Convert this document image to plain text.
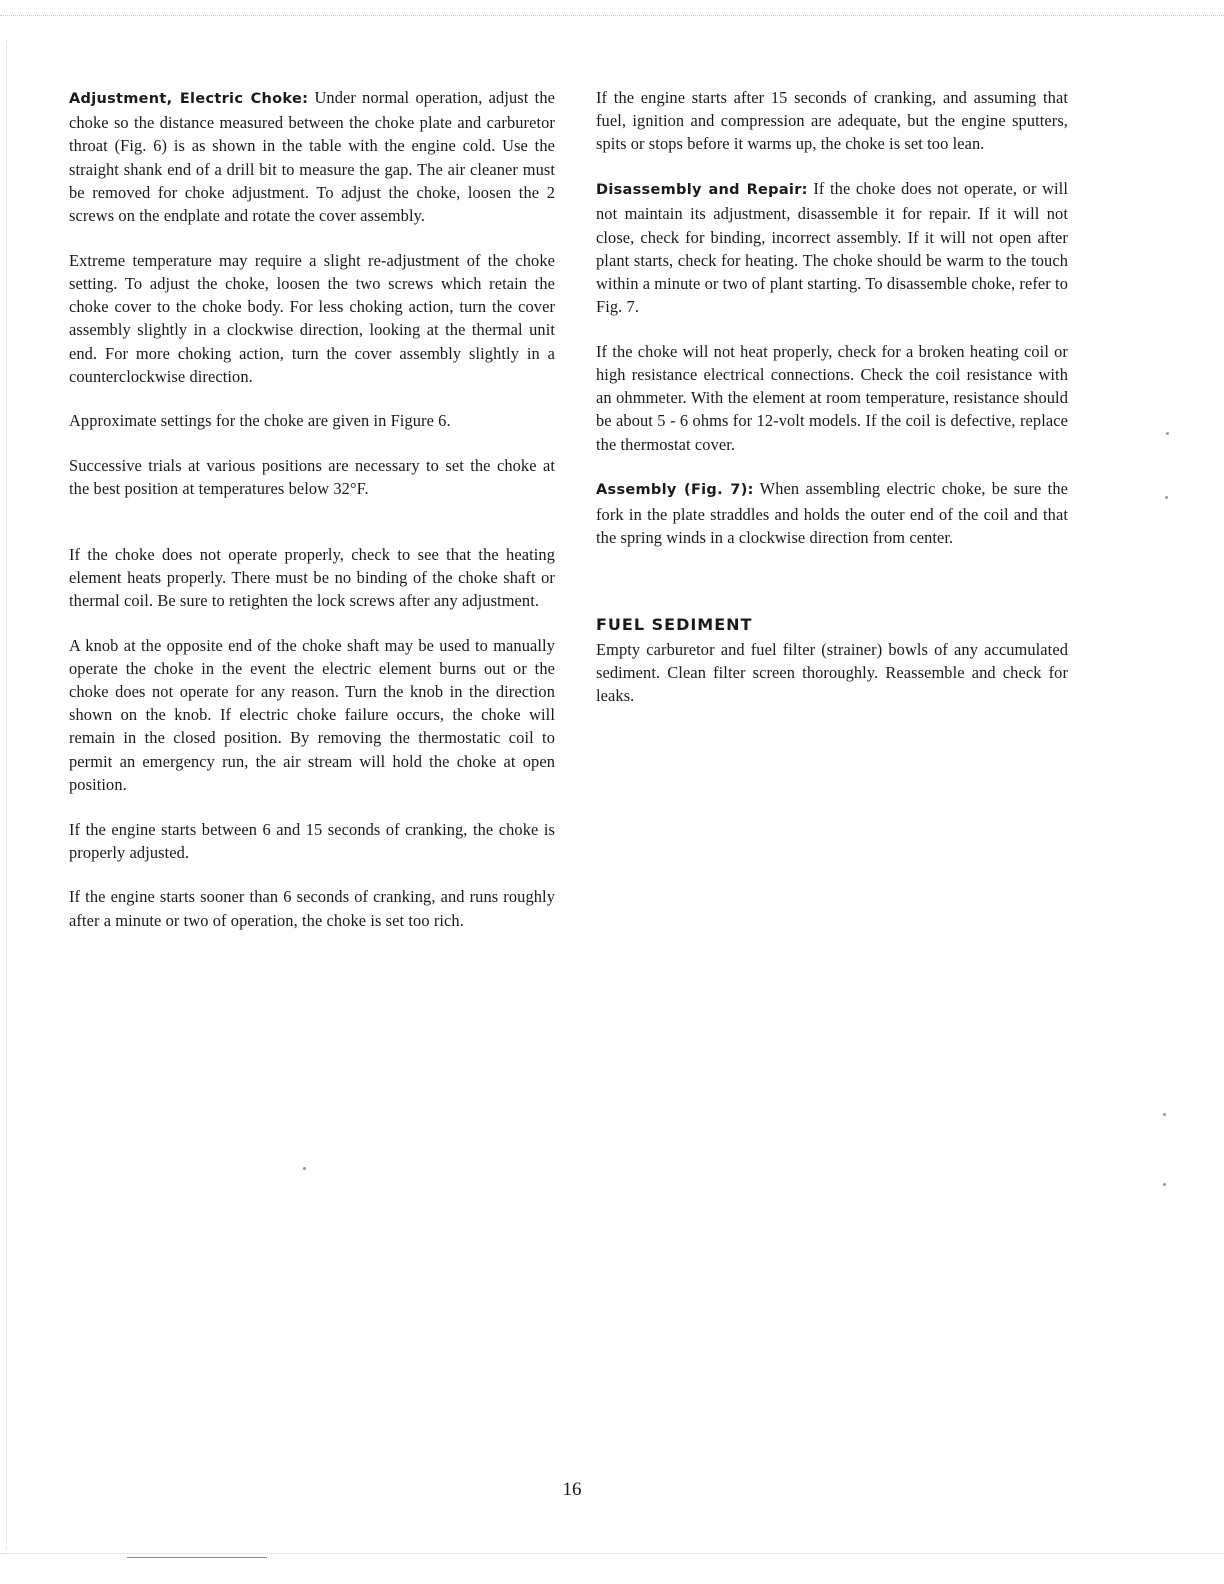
Adjustment, Electric Choke: Under normal operation, adjust the choke so the distance measured between the choke plate and carburetor throat (Fig. 6) is as shown in the table with the engine cold. Use the straight shank end of a drill bit to measure the gap. The air cleaner must be removed for choke adjustment. To adjust the choke, loosen the 2 screws on the endplate and rotate the cover assembly.

Extreme temperature may require a slight re-adjustment of the choke setting. To adjust the choke, loosen the two screws which retain the choke cover to the choke body. For less choking action, turn the cover assembly slightly in a clockwise direction, looking at the thermal unit end. For more choking action, turn the cover assembly slightly in a counterclockwise direction.

Approximate settings for the choke are given in Figure 6.

Successive trials at various positions are necessary to set the choke at the best position at temperatures below 32°F.

If the choke does not operate properly, check to see that the heating element heats properly. There must be no binding of the choke shaft or thermal coil. Be sure to retighten the lock screws after any adjustment.

A knob at the opposite end of the choke shaft may be used to manually operate the choke in the event the electric element burns out or the choke does not operate for any reason. Turn the knob in the direction shown on the knob. If electric choke failure occurs, the choke will remain in the closed position. By removing the thermostatic coil to permit an emergency run, the air stream will hold the choke at open position.

If the engine starts between 6 and 15 seconds of cranking, the choke is properly adjusted.

If the engine starts sooner than 6 seconds of cranking, and runs roughly after a minute or two of operation, the choke is set too rich.

If the engine starts after 15 seconds of cranking, and assuming that fuel, ignition and compression are adequate, but the engine sputters, spits or stops before it warms up, the choke is set too lean.

Disassembly and Repair: If the choke does not operate, or will not maintain its adjustment, disassemble it for repair. If it will not close, check for binding, incorrect assembly. If it will not open after plant starts, check for heating. The choke should be warm to the touch within a minute or two of plant starting. To disassemble choke, refer to Fig. 7.

If the choke will not heat properly, check for a broken heating coil or high resistance electrical connections. Check the coil resistance with an ohmmeter. With the element at room temperature, resistance should be about 5 - 6 ohms for 12-volt models. If the coil is defective, replace the thermostat cover.

Assembly (Fig. 7): When assembling electric choke, be sure the fork in the plate straddles and holds the outer end of the coil and that the spring winds in a clockwise direction from center.

FUEL SEDIMENT

Empty carburetor and fuel filter (strainer) bowls of any accumulated sediment. Clean filter screen thoroughly. Reassemble and check for leaks.

16
